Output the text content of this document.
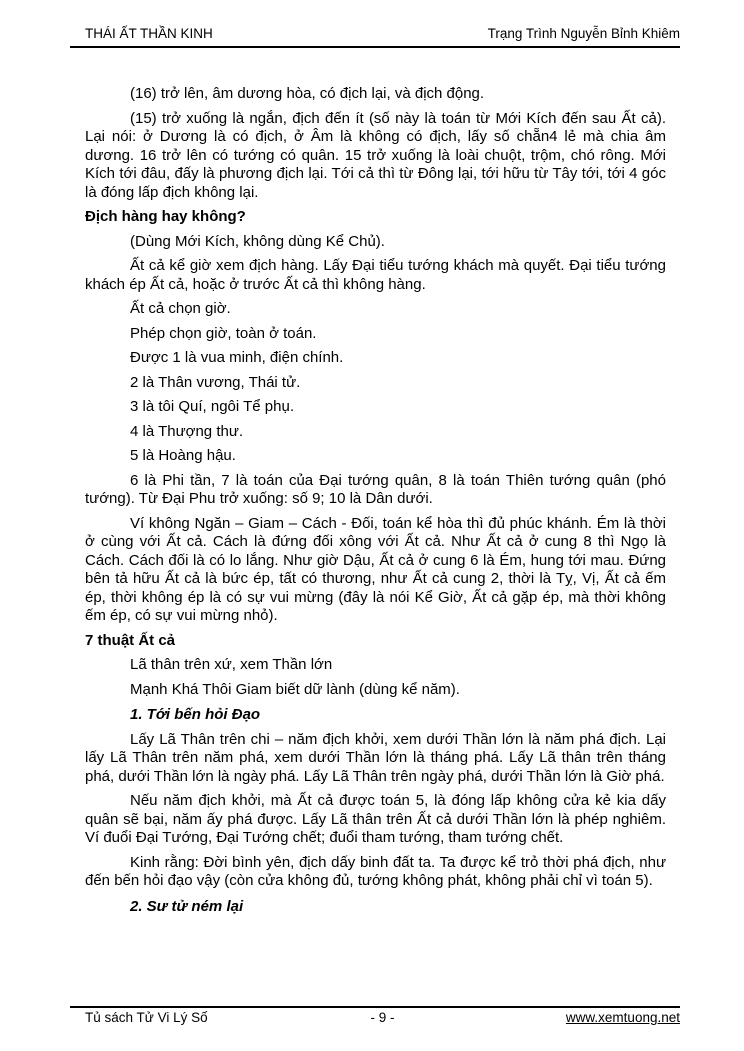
THÁI ẤT THẦN KINH	Trạng Trình Nguyễn Bỉnh Khiêm

(16) trở lên, âm dương hòa, có địch lại, và địch động.

(15) trở xuống là ngắn, địch đến ít (số này là toán từ Mới Kích đến sau Ất cả). Lại nói: ở Dương là có địch, ở Âm là không có địch, lấy số chẵn4 lẻ mà chia âm dương. 16 trở lên có tướng có quân. 15 trở xuống là loài chuột, trộm, chó rông. Mới Kích tới đâu, đấy là phương địch lại. Tới cả thì từ Đông lại, tới hữu từ Tây tới, tới 4 góc là đóng lấp địch không lại.

Địch hàng hay không?

(Dùng Mới Kích, không dùng Kể Chủ).

Ất cả kể giờ xem địch hàng. Lấy Đại tiểu tướng khách mà quyết. Đại tiểu tướng khách ép Ất cả, hoặc ở trước Ất cả thì không hàng.

Ất cả chọn giờ.

Phép chọn giờ, toàn ở toán.

Được 1 là vua minh, điện chính.

2 là Thân vương, Thái tử.

3 là tôi Quí, ngôi Tể phụ.

4 là Thượng thư.

5 là Hoàng hậu.

6 là Phi tần, 7 là toán của Đại tướng quân, 8 là toán Thiên tướng quân (phó tướng). Từ Đại Phu trở xuống: số 9; 10 là Dân dưới.

Ví không Ngăn – Giam – Cách - Đối, toán kể hòa thì đủ phúc khánh. Ém là thời ở cùng với Ất cả. Cách là đứng đối xông với Ất cả. Như Ất cả ở cung 8 thì Ngọ là Cách. Cách đối là có lo lắng. Như giờ Dậu, Ất cả ở cung 6 là Ém, hung tới mau. Đứng bên tả hữu Ất cả là bức ép, tất có thương, như Ất cả cung 2, thời là Tỵ, Vị, Ất cả ếm ép, thời không ép là có sự vui mừng (đây là nói Kể Giờ, Ất cả gặp ép, mà thời không ếm ép, có sự vui mừng nhỏ).

7 thuật Ất cả

Lã thân trên xứ, xem Thần lớn

Mạnh Khá Thôi Giam biết dữ lành (dùng kể năm).

1. Tới bến hỏi Đạo

Lấy Lã Thân trên chi – năm địch khởi, xem dưới Thần lớn là năm phá địch. Lại lấy Lã Thân trên năm phá, xem dưới Thần lớn là tháng phá. Lấy Lã thân trên tháng phá, dưới Thần lớn là ngày phá. Lấy Lã Thân trên ngày phá, dưới Thần lớn là Giờ phá.

Nếu năm địch khởi, mà Ất cả được toán 5, là đóng lấp không cửa kẻ kia dấy quân sẽ bại, năm ấy phá được. Lấy Lã thân trên Ất cả dưới Thần lớn là phép nghiêm. Ví đuổi Đại Tướng, Đại Tướng chết; đuổi tham tướng, tham tướng chết.

Kinh rằng: Đời bình yên, địch dấy binh đất ta. Ta được kể trỏ thời phá địch, như đến bến hỏi đạo vậy (còn cửa không đủ, tướng không phát, không phải chỉ vì toán 5).

2. Sư tử ném lại

Tủ sách Tử Vi Lý Số	- 9 -	www.xemtuong.net
